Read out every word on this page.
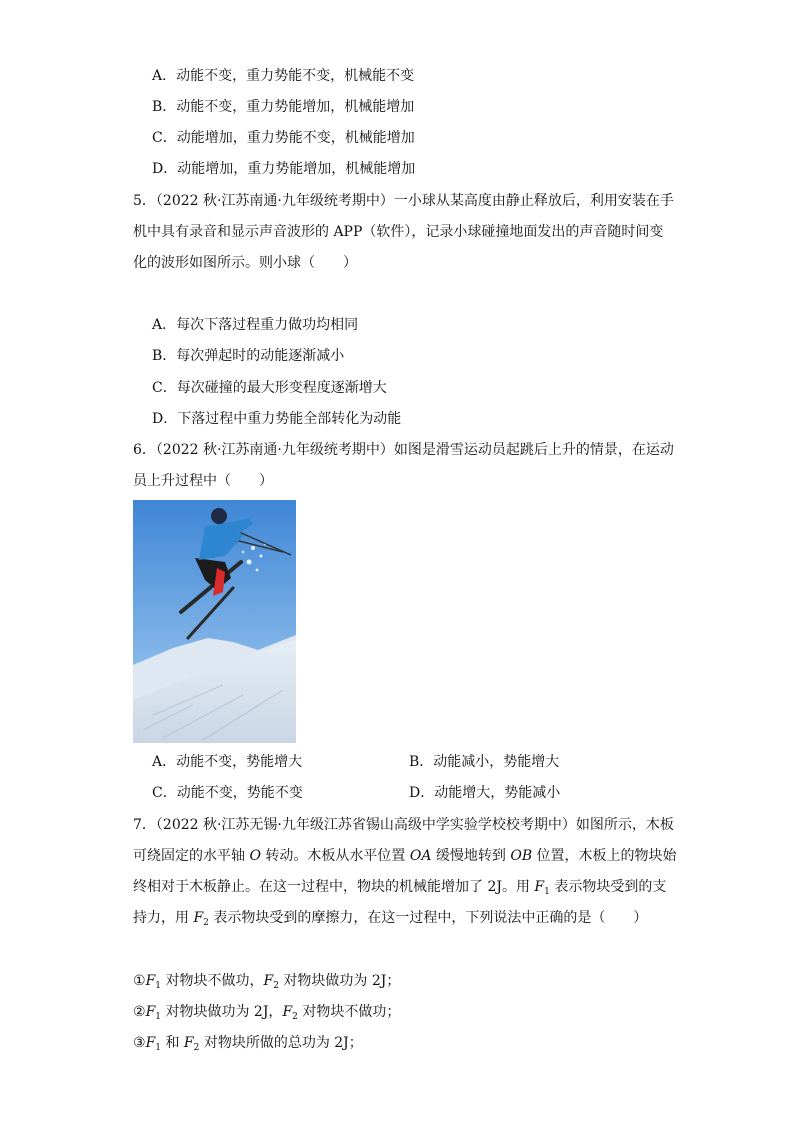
A．动能不变，重力势能不变，机械能不变
B．动能不变，重力势能增加，机械能增加
C．动能增加，重力势能不变，机械能增加
D．动能增加，重力势能增加，机械能增加
5．（2022 秋·江苏南通·九年级统考期中）一小球从某高度由静止释放后，利用安装在手
机中具有录音和显示声音波形的 APP（软件），记录小球碰撞地面发出的声音随时间变
化的波形如图所示。则小球（　　）
A．每次下落过程重力做功均相同
B．每次弹起时的动能逐渐减小
C．每次碰撞的最大形变程度逐渐增大
D．下落过程中重力势能全部转化为动能
6．（2022 秋·江苏南通·九年级统考期中）如图是滑雪运动员起跳后上升的情景，在运动
员上升过程中（　　）
A．动能不变，势能增大	B．动能减小，势能增大
C．动能不变，势能不变	D．动能增大，势能减小
7．（2022 秋·江苏无锡·九年级江苏省锡山高级中学实验学校校考期中）如图所示，木板
可绕固定的水平轴 O 转动。木板从水平位置 OA 缓慢地转到 OB 位置，木板上的物块始
终相对于木板静止。在这一过程中，物块的机械能增加了 2J。用 $F_1$ 表示物块受到的支
持力，用 $F_2$ 表示物块受到的摩擦力，在这一过程中，下列说法中正确的是（　　）
$①F_1$ 对物块不做功，$F_2$ 对物块做功为 2J；
$②F_1$ 对物块做功为 2J，$F_2$ 对物块不做功；
$③F_1$ 和 $F_2$ 对物块所做的总功为 2J；
